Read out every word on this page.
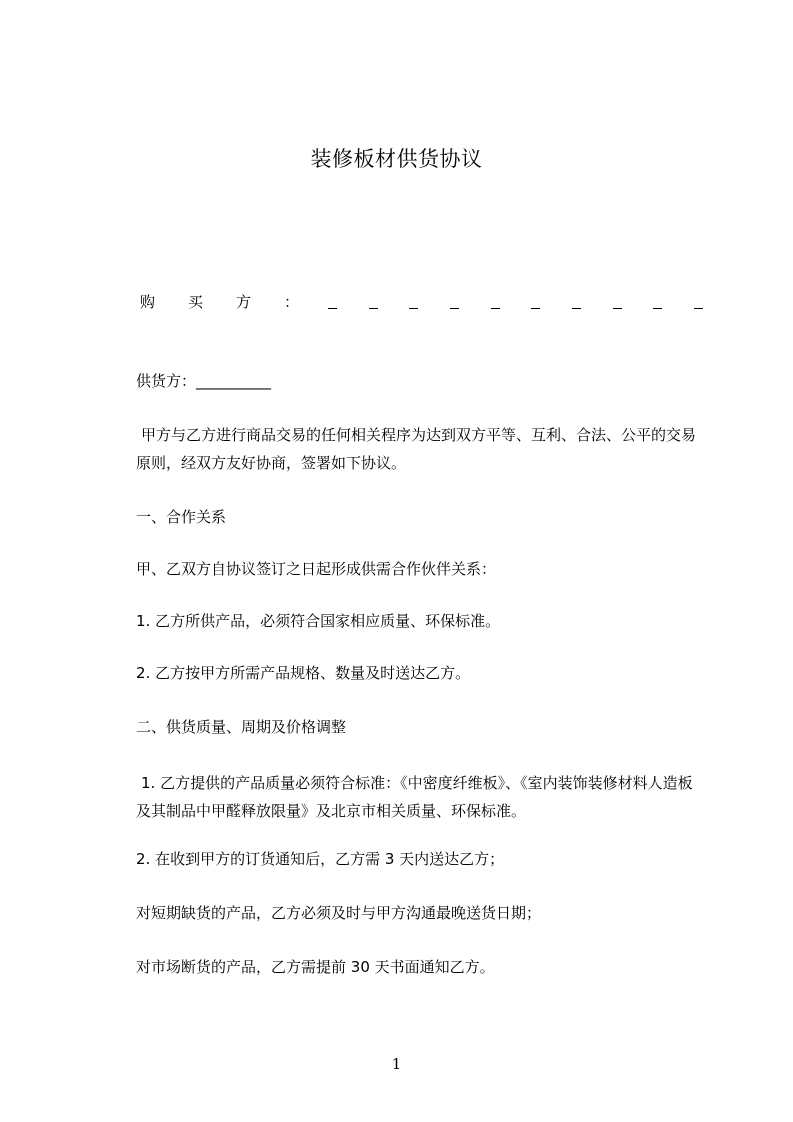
装修板材供货协议
购 买 方 ：
供货方：__________
甲方与乙方进行商品交易的任何相关程序为达到双方平等、互利、合法、公平的交易原则，经双方友好协商，签署如下协议。
一、合作关系
甲、乙双方自协议签订之日起形成供需合作伙伴关系：
1. 乙方所供产品，必须符合国家相应质量、环保标准。
2. 乙方按甲方所需产品规格、数量及时送达乙方。
二、供货质量、周期及价格调整
1. 乙方提供的产品质量必须符合标准：《中密度纤维板》、《室内装饰装修材料人造板及其制品中甲醛释放限量》及北京市相关质量、环保标准。
2. 在收到甲方的订货通知后，乙方需 3 天内送达乙方；
对短期缺货的产品，乙方必须及时与甲方沟通最晚送货日期；
对市场断货的产品，乙方需提前 30 天书面通知乙方。
1
